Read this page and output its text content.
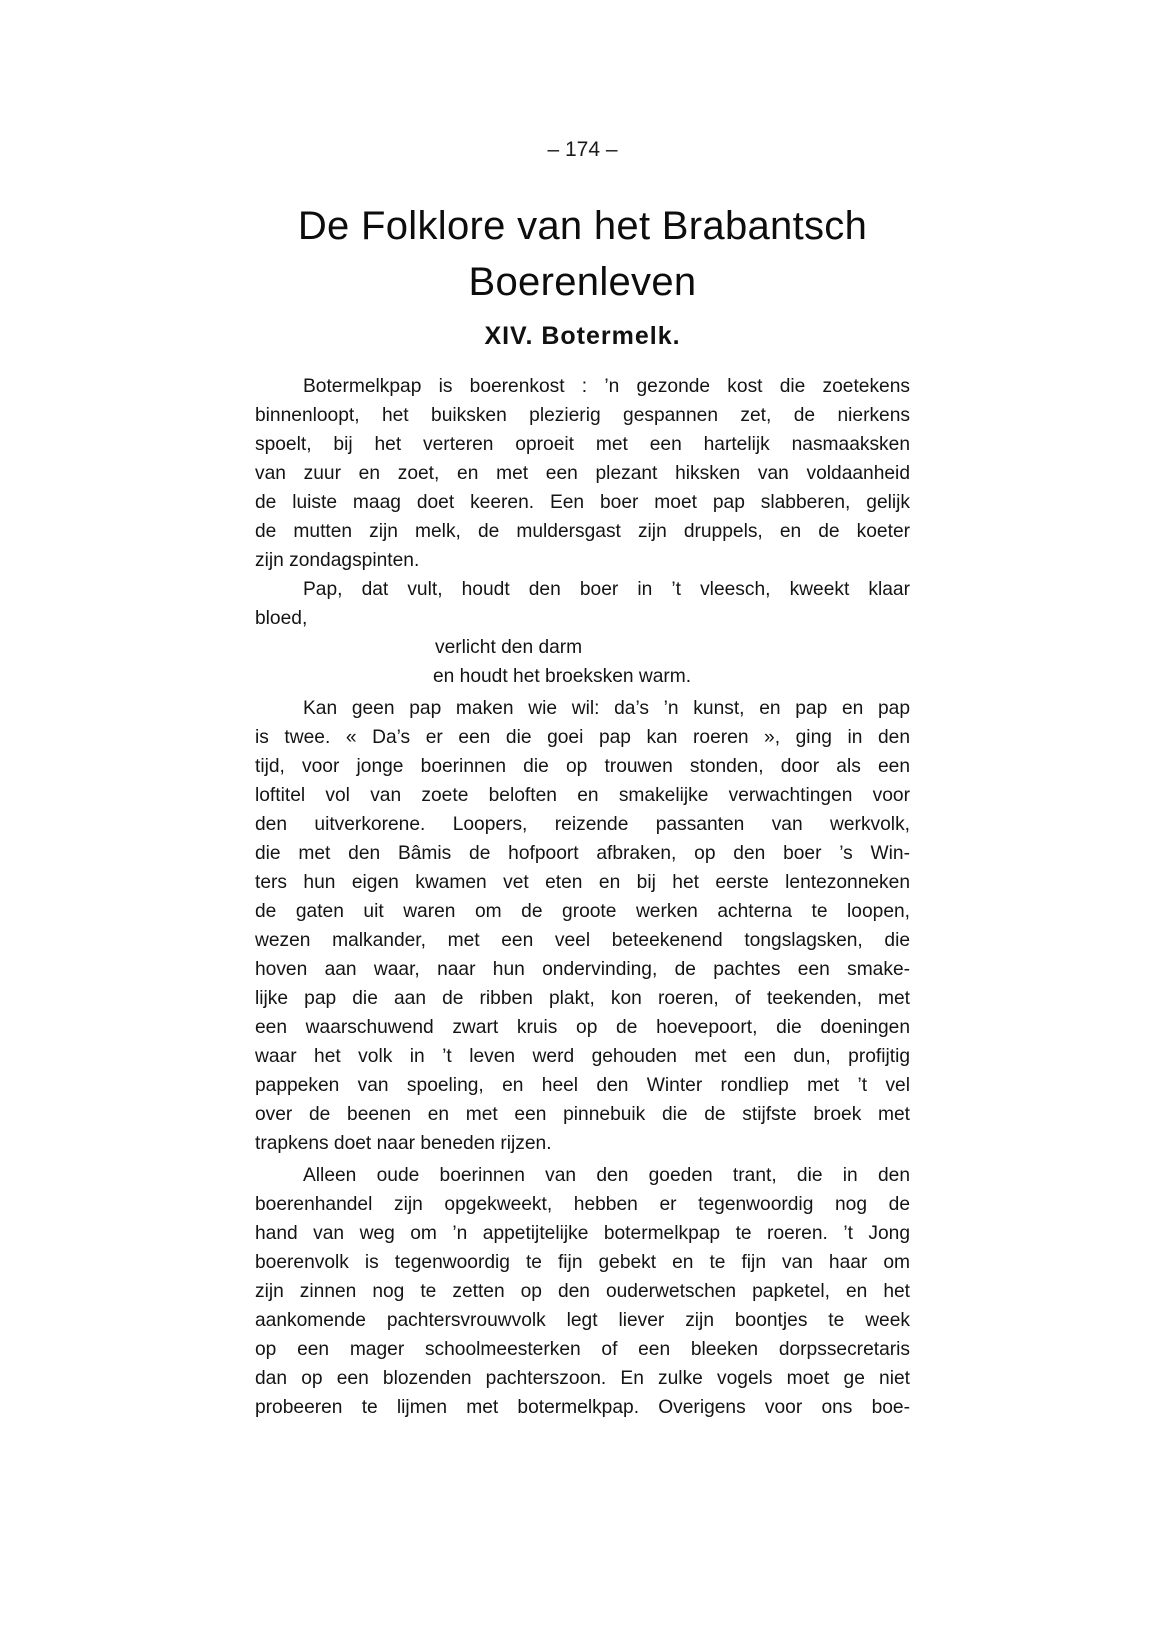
– 174 –
De Folklore van het Brabantsch
Boerenleven
XIV. Botermelk.
Botermelkpap is boerenkost : ’n gezonde kost die zoetekens
binnenloopt, het buiksken plezierig gespannen zet, de nierkens
spoelt, bij het verteren oproeit met een hartelijk nasmaaksken
van zuur en zoet, en met een plezant hiksken van voldaanheid
de luiste maag doet keeren. Een boer moet pap slabberen, gelijk
de mutten zijn melk, de muldersgast zijn druppels, en de koeter
zijn zondagspinten.
Pap, dat vult, houdt den boer in ’t vleesch, kweekt klaar
bloed,
verlicht den darm
en houdt het broeksken warm.
Kan geen pap maken wie wil: da’s ’n kunst, en pap en pap
is twee. « Da’s er een die goei pap kan roeren », ging in den
tijd, voor jonge boerinnen die op trouwen stonden, door als een
loftitel vol van zoete beloften en smakelijke verwachtingen voor
den uitverkorene. Loopers, reizende passanten van werkvolk,
die met den Bâmis de hofpoort afbraken, op den boer ’s Win-
ters hun eigen kwamen vet eten en bij het eerste lentezonneken
de gaten uit waren om de groote werken achterna te loopen,
wezen malkander, met een veel beteekenend tongslagsken, die
hoven aan waar, naar hun ondervinding, de pachtes een smake-
lijke pap die aan de ribben plakt, kon roeren, of teekenden, met
een waarschuwend zwart kruis op de hoevepoort, die doeningen
waar het volk in ’t leven werd gehouden met een dun, profijtig
pappeken van spoeling, en heel den Winter rondliep met ’t vel
over de beenen en met een pinnebuik die de stijfste broek met
trapkens doet naar beneden rijzen.
Alleen oude boerinnen van den goeden trant, die in den
boerenhandel zijn opgekweekt, hebben er tegenwoordig nog de
hand van weg om ’n appetijtelijke botermelkpap te roeren. ’t Jong
boerenvolk is tegenwoordig te fijn gebekt en te fijn van haar om
zijn zinnen nog te zetten op den ouderwetschen papketel, en het
aankomende pachtersvrouwvolk legt liever zijn boontjes te week
op een mager schoolmeesterken of een bleeken dorpssecretaris
dan op een blozenden pachterszoon. En zulke vogels moet ge niet
probeeren te lijmen met botermelkpap. Overigens voor ons boe-
